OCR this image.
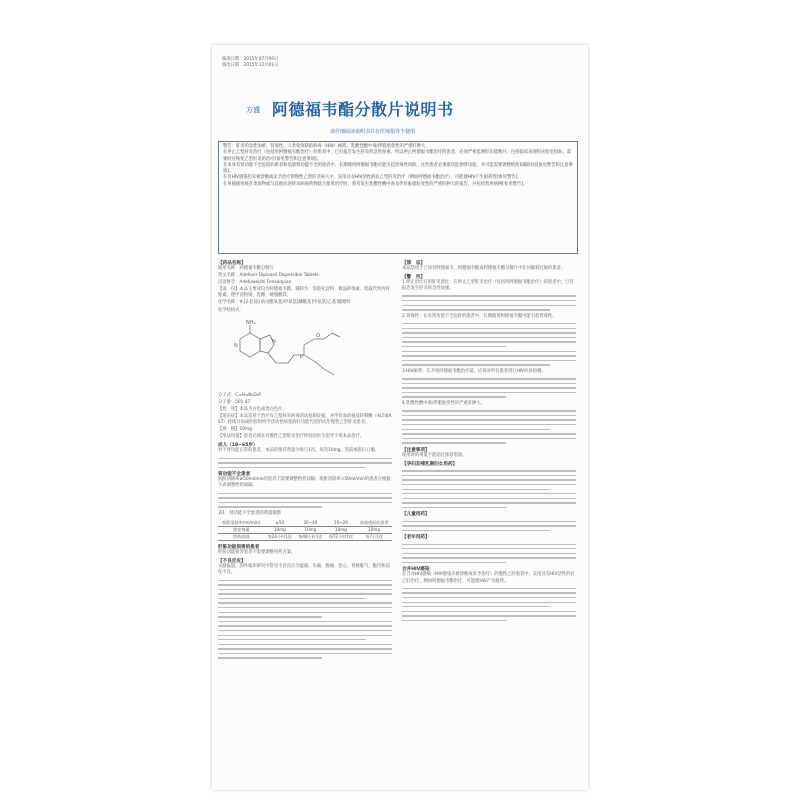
核准日期：2015年07月09日
修改日期：2015年12月01日
方盛 阿德福韦酯分散片说明书
请仔细阅读说明书并在医师指导下使用

警告：肝炎的急性加重、肾毒性、人类免疫缺陷病毒（HIV）耐药、乳酸性酸中毒/伴脂肪变性的严重肝肿大。

在停止乙型肝炎治疗（包括用阿德福韦酯治疗）的患者中，已有报告发生肝炎的急性加重。所以停止阿德福韦酯治疗的患者，必须严密监测肝功能数月，包括临床表现和实验室指标，需要时应恢复乙型肝炎的治疗[参见警告和注意事项]。

在本身有肾功能不全危险的患者和基础肾功能不全的患者中，长期使用阿德福韦酯可能引起肾毒性风险。这些患者必须密切监测肾功能，并可能需要调整给药间隔时间[参见警告和注意事项]。

在有HIV感染但未被诊断或未予治疗的慢性乙型肝炎病人中，采用具有HIV活性的抗乙型肝炎治疗（例如阿德福韦酯治疗），可能使HIV产生耐药性[参见警告]。

在单独使用核苷类似物或与其他抗逆转录病毒药物联合使用治疗时，曾有发生乳酸性酸中毒及伴肝脏脂肪变性的严重肝肿大的报告，并包括致死病例[参见警告]。

【药品名称】

通用名称：阿德福韦酯分散片

英文名称：Adefovir Dipivoxil Dispersible Tablets

汉语拼音：Adefuweizhi Fensanpian

【成　份】本品主要成份为阿德福韦酯。辅料为：预胶化淀粉、微晶纤维素、低取代羟丙纤维素、羧甲淀粉钠、乳糖、硬脂酸镁。

化学名称：9-[2-[[双[(新戊酰氧基)甲氧基]膦酰基]甲氧基]乙基]腺嘌呤

化学结构式：

NH₂
N
N
P
O

分子式：C₂₀H₃₂N₅O₈P

分子量：501.47

【性　状】本品为白色或类白色片。

【适应症】本品适用于治疗有乙型肝炎病毒活动复制证据，并伴有血清氨基转移酶（ALT或AST）持续升高或肝脏组织学活动性病变的肝功能代偿的成年慢性乙型肝炎患者。

【规　格】10mg

【用法用量】患者必须在有慢性乙型肝炎治疗经验的医生指导下用本品治疗。

成人（18~65岁）

对于肾功能正常的患者，本品的推荐剂量为每日1次，每次10mg，饭前或饭后口服。

肾功能不全患者

肌酐清除率≥50ml/min的患者不需要调整给药间隔；肌酐清除率<50ml/min的患者应根据下表调整给药间隔。

表1：肾功能不全患者的剂量调整

肌酐清除率(ml/min)	≥50	30~49	10~29	血液透析的患者
推荐剂量	10mg	10mg	10mg	10mg
给药间隔	每24小时1次	每48小时1次	每72小时1次	每7天1次
肝脏功能损害的患者

肝脏功能损害患者不需要调整用药方案。

【不良反应】

文献报道，国外临床研究中常见不良反应为虚弱、头痛、腹痛、恶心、胃肠胀气、腹泻和消化不良。

【禁　忌】

本品禁用于已知对阿德福韦、阿德福韦酯或阿德福韦酯分散片中任何辅料过敏的患者。

【警　告】

1.停止治疗后的肝炎恶化：在停止乙型肝炎治疗（包括用阿德福韦酯治疗）的患者中，已有报告发生肝炎的急性加重。

2.肾毒性：在有肾功能不全危险的患者中，长期使用阿德福韦酯可能引起肾毒性。

3.HIV耐药：在开始阿德福韦酯治疗前，应该对所有患者进行HIV抗体检测。

4.乳酸性酸中毒/伴脂肪变性的严重肝肿大。

【注意事项】

使用时的剂量不能超过推荐剂量。

【孕妇及哺乳期妇女用药】
【儿童用药】
【老年用药】
合并HIV感染

在合并HIV感染（HIV感染未被诊断或未予治疗）的慢性乙肝患者中，采用具有HIV活性的抗乙肝治疗，例如阿德福韦酯治疗，可能使HIV产生耐药。
